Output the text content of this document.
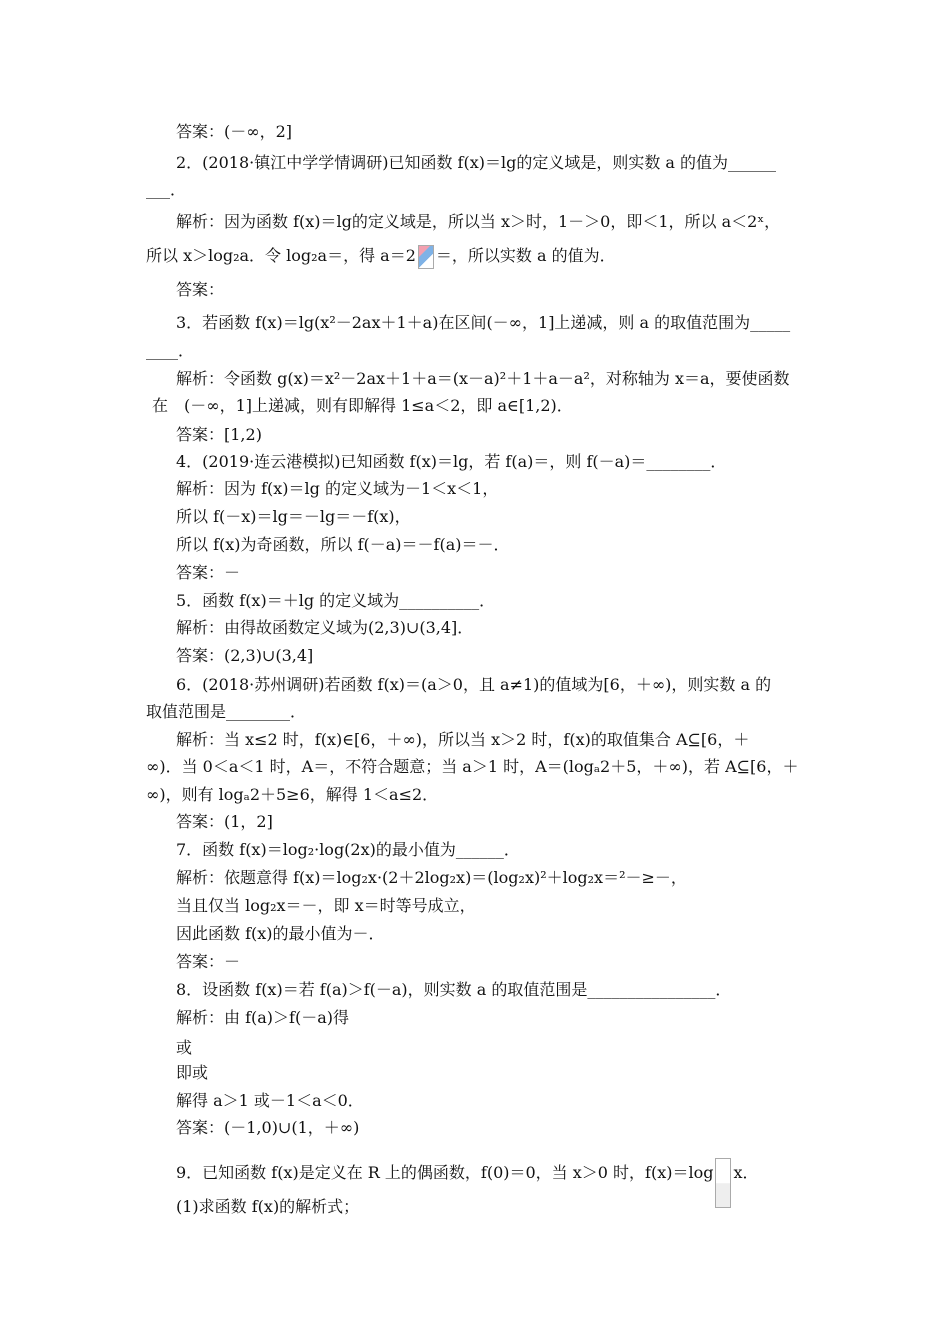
答案：(－∞，2]
2．(2018·镇江中学学情调研)已知函数 f(x)＝lg的定义域是，则实数 a 的值为______
___．
解析：因为函数 f(x)＝lg的定义域是，所以当 x＞时，1－＞0，即＜1，所以 a＜2ˣ，
所以 x＞log₂a．令 log₂a＝，得 a＝2 ＝，所以实数 a 的值为．
答案：
3．若函数 f(x)＝lg(x²－2ax＋1＋a)在区间(－∞，1]上递减，则 a 的取值范围为_____
____．
解析：令函数 g(x)＝x²－2ax＋1＋a＝(x－a)²＋1＋a－a²，对称轴为 x＝a，要使函数
在　(－∞，1]上递减，则有即解得 1≤a＜2，即 a∈[1,2)．
答案：[1,2)
4．(2019·连云港模拟)已知函数 f(x)＝lg，若 f(a)＝，则 f(－a)＝________．
解析：因为 f(x)＝lg 的定义域为－1＜x＜1，
所以 f(－x)＝lg＝－lg＝－f(x)，
所以 f(x)为奇函数，所以 f(－a)＝－f(a)＝－．
答案：－
5．函数 f(x)＝＋lg 的定义域为__________．
解析：由得故函数定义域为(2,3)∪(3,4]．
答案：(2,3)∪(3,4]
6．(2018·苏州调研)若函数 f(x)＝(a＞0，且 a≠1)的值域为[6，＋∞)，则实数 a 的
取值范围是________．
解析：当 x≤2 时，f(x)∈[6，＋∞)，所以当 x＞2 时，f(x)的取值集合 A⊆[6，＋
∞)．当 0＜a＜1 时，A＝，不符合题意；当 a＞1 时，A＝(logₐ2＋5，＋∞)，若 A⊆[6，＋
∞)，则有 logₐ2＋5≥6，解得 1＜a≤2．
答案：(1，2]
7．函数 f(x)＝log₂·log(2x)的最小值为______．
解析：依题意得 f(x)＝log₂x·(2＋2log₂x)＝(log₂x)²＋log₂x＝²－≥－，
当且仅当 log₂x＝－，即 x＝时等号成立，
因此函数 f(x)的最小值为－．
答案：－
8．设函数 f(x)＝若 f(a)＞f(－a)，则实数 a 的取值范围是________________．
解析：由 f(a)＞f(－a)得
或
即或
解得 a＞1 或－1＜a＜0．
答案：(－1,0)∪(1，＋∞)
9．已知函数 f(x)是定义在 R 上的偶函数，f(0)＝0，当 x＞0 时，f(x)＝log x．
(1)求函数 f(x)的解析式；
